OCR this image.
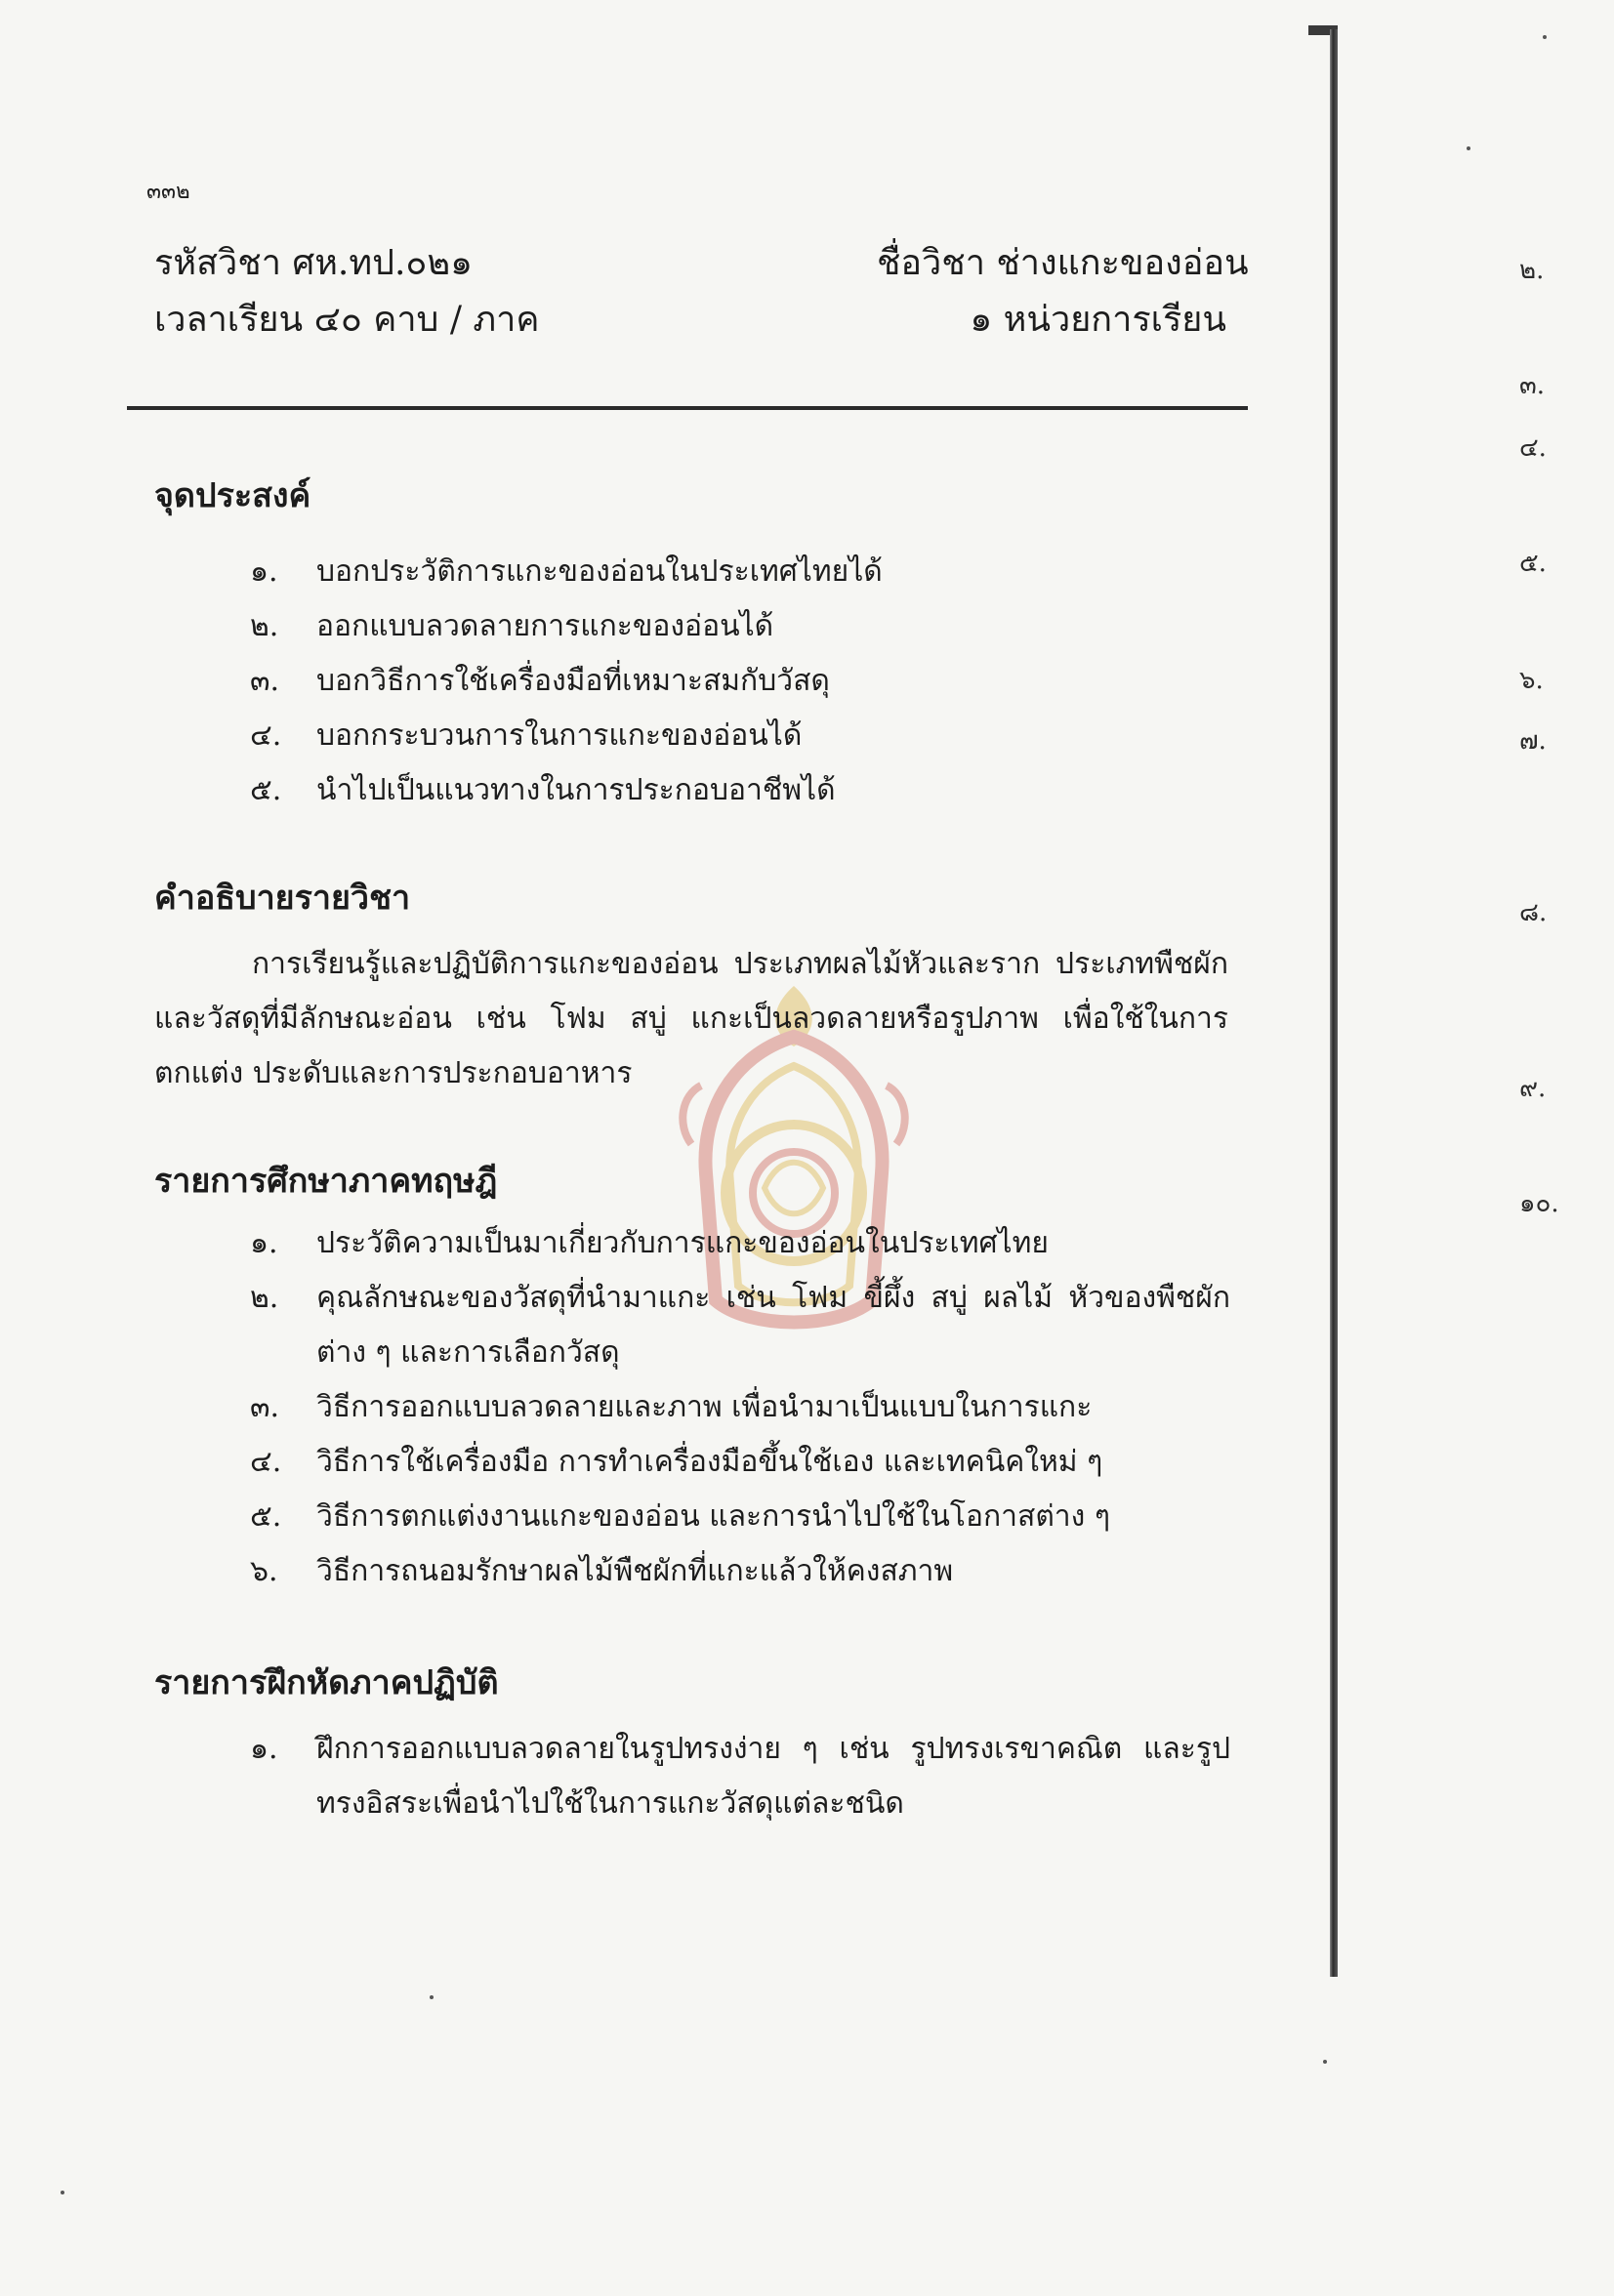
๓๓๒
รหัสวิชา ศห.ทป.๐๒๑
เวลาเรียน ๔๐ คาบ / ภาค
ชื่อวิชา ช่างแกะของอ่อน
๑ หน่วยการเรียน
จุดประสงค์
๑.	บอกประวัติการแกะของอ่อนในประเทศไทยได้
๒.	ออกแบบลวดลายการแกะของอ่อนได้
๓.	บอกวิธีการใช้เครื่องมือที่เหมาะสมกับวัสดุ
๔.	บอกกระบวนการในการแกะของอ่อนได้
๕.	นำไปเป็นแนวทางในการประกอบอาชีพได้
คำอธิบายรายวิชา
การเรียนรู้และปฏิบัติการแกะของอ่อน ประเภทผลไม้หัวและราก ประเภทพืชผัก และวัสดุที่มีลักษณะอ่อน เช่น โฟม สบู่ แกะเป็นลวดลายหรือรูปภาพ เพื่อใช้ในการตกแต่ง ประดับและการประกอบอาหาร
รายการศึกษาภาคทฤษฎี
๑.	ประวัติความเป็นมาเกี่ยวกับการแกะของอ่อนในประเทศไทย
๒.	คุณลักษณะของวัสดุที่นำมาแกะ เช่น โฟม ขี้ผึ้ง สบู่ ผลไม้ หัวของพืชผักต่าง ๆ และการเลือกวัสดุ
๓.	วิธีการออกแบบลวดลายและภาพ เพื่อนำมาเป็นแบบในการแกะ
๔.	วิธีการใช้เครื่องมือ การทำเครื่องมือขึ้นใช้เอง และเทคนิคใหม่ ๆ
๕.	วิธีการตกแต่งงานแกะของอ่อน และการนำไปใช้ในโอกาสต่าง ๆ
๖.	วิธีการถนอมรักษาผลไม้พืชผักที่แกะแล้วให้คงสภาพ
รายการฝึกหัดภาคปฏิบัติ
๑.	ฝึกการออกแบบลวดลายในรูปทรงง่าย ๆ เช่น รูปทรงเรขาคณิต และรูปทรงอิสระเพื่อนำไปใช้ในการแกะวัสดุแต่ละชนิด
๒.
๓.
๔.
๕.
๖.
๗.
๘.
๙.
๑๐.
